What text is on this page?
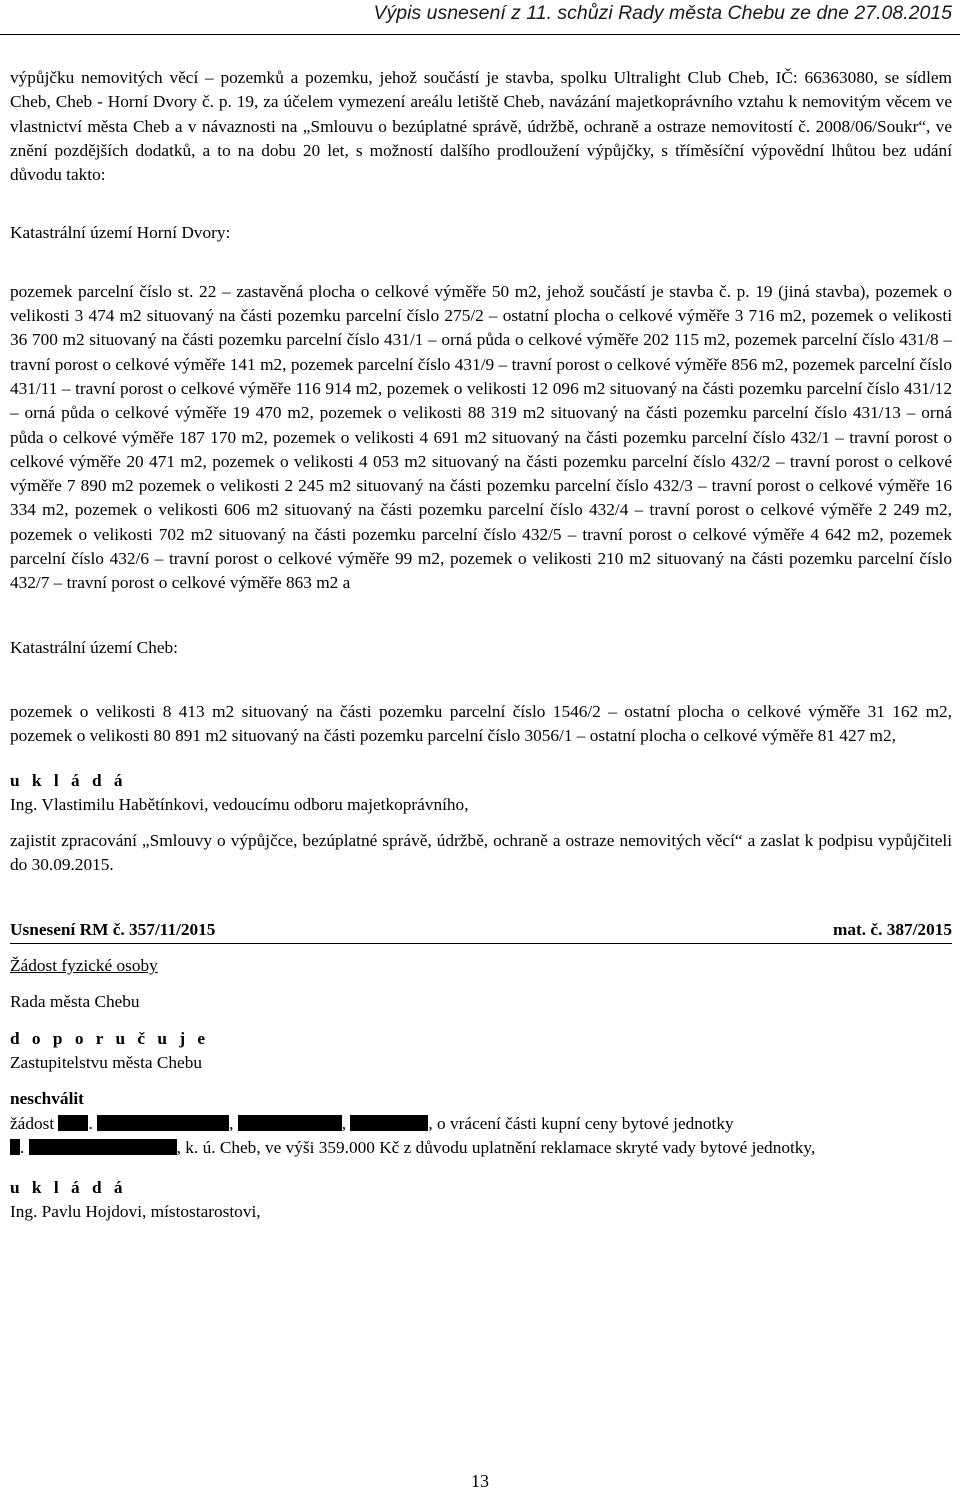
Výpis usnesení z 11. schůzi Rady města Chebu ze dne 27.08.2015

výpůjčku nemovitých věcí – pozemků a pozemku, jehož součástí je stavba, spolku Ultralight Club Cheb, IČ: 66363080, se sídlem Cheb, Cheb - Horní Dvory č. p. 19, za účelem vymezení areálu letiště Cheb, navázání majetkoprávního vztahu k nemovitým věcem ve vlastnictví města Cheb a v návaznosti na „Smlouvu o bezúplatné správě, údržbě, ochraně a ostraze nemovitostí č. 2008/06/Soukr“, ve znění pozdějších dodatků, a to na dobu 20 let, s možností dalšího prodloužení výpůjčky, s tříměsíční výpovědní lhůtou bez udání důvodu takto:

Katastrální území Horní Dvory:

pozemek parcelní číslo st. 22 – zastavěná plocha o celkové výměře 50 m2, jehož součástí je stavba č. p. 19 (jiná stavba), pozemek o velikosti 3 474 m2 situovaný na části pozemku parcelní číslo 275/2 – ostatní plocha o celkové výměře 3 716 m2, pozemek o velikosti 36 700 m2 situovaný na části pozemku parcelní číslo 431/1 – orná půda o celkové výměře 202 115 m2, pozemek parcelní číslo 431/8 – travní porost o celkové výměře 141 m2, pozemek parcelní číslo 431/9 – travní porost o celkové výměře 856 m2, pozemek parcelní číslo 431/11 – travní porost o celkové výměře 116 914 m2, pozemek o velikosti 12 096 m2 situovaný na části pozemku parcelní číslo 431/12 – orná půda o celkové výměře 19 470 m2, pozemek o velikosti 88 319 m2 situovaný na části pozemku parcelní číslo 431/13 – orná půda o celkové výměře 187 170 m2, pozemek o velikosti 4 691 m2 situovaný na části pozemku parcelní číslo 432/1 – travní porost o celkové výměře 20 471 m2, pozemek o velikosti 4 053 m2 situovaný na části pozemku parcelní číslo 432/2 – travní porost o celkové výměře 7 890 m2 pozemek o velikosti 2 245 m2 situovaný na části pozemku parcelní číslo 432/3 – travní porost o celkové výměře 16 334 m2, pozemek o velikosti 606 m2 situovaný na části pozemku parcelní číslo 432/4 – travní porost o celkové výměře 2 249 m2, pozemek o velikosti 702 m2 situovaný na části pozemku parcelní číslo 432/5 – travní porost o celkové výměře 4 642 m2, pozemek parcelní číslo 432/6 – travní porost o celkové výměře 99 m2, pozemek o velikosti 210 m2 situovaný na části pozemku parcelní číslo 432/7 – travní porost o celkové výměře 863 m2 a

Katastrální území Cheb:

pozemek o velikosti 8 413 m2 situovaný na části pozemku parcelní číslo 1546/2 – ostatní plocha o celkové výměře 31 162 m2, pozemek o velikosti 80 891 m2 situovaný na části pozemku parcelní číslo 3056/1 – ostatní plocha o celkové výměře 81 427 m2,

u k l á d á

Ing. Vlastimilu Habětínkovi, vedoucímu odboru majetkoprávního,

zajistit zpracování „Smlouvy o výpůjčce, bezúplatné správě, údržbě, ochraně a ostraze nemovitých věcí“ a zaslat k podpisu vypůjčiteli do 30.09.2015.

Usnesení RM č. 357/11/2015	mat. č. 387/2015

Žádost fyzické osoby

Rada města Chebu

d o p o r u č u j e

Zastupitelstvu města Chebu

neschválit

žádost .	,	,	, o vrácení části kupní ceny bytové jednotky

.	, k. ú. Cheb, ve výši 359.000 Kč z důvodu uplatnění reklamace skryté vady bytové jednotky,

u k l á d á

Ing. Pavlu Hojdovi, místostarostovi,

13
